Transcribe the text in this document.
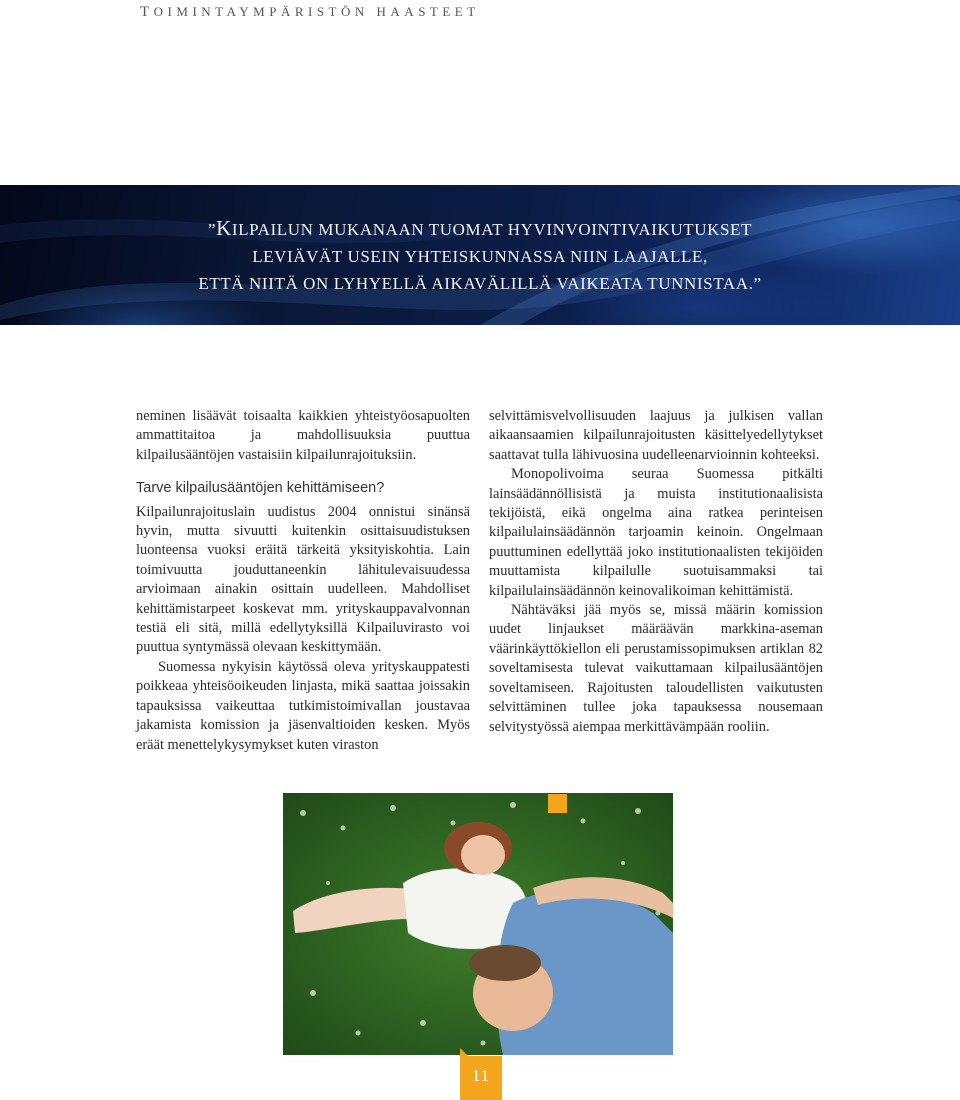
TOIMINTAYMPÄRISTÖN HAASTEET
”KILPAILUN MUKANAAN TUOMAT HYVINVOINTIVAIKUTUKSET
LEVIÄVÄT USEIN YHTEISKUNNASSA NIIN LAAJALLE,
ETTÄ NIITÄ ON LYHYELLÄ AIKAVÄLILLÄ VAIKEATA TUNNISTAA.”

neminen lisäävät toisaalta kaikkien yhteistyöosapuolten ammattitaitoa ja mahdollisuuksia puuttua kilpailusääntöjen vastaisiin kilpailunrajoituksiin.

Tarve kilpailusääntöjen kehittämiseen?

Kilpailunrajoituslain uudistus 2004 onnistui sinänsä hyvin, mutta sivuutti kuitenkin osittaisuudistuksen luonteensa vuoksi eräitä tärkeitä yksityiskohtia. Lain toimivuutta jouduttaneenkin lähitulevaisuudessa arvioimaan ainakin osittain uudelleen. Mahdolliset kehittämistarpeet koskevat mm. yrityskauppavalvonnan testiä eli sitä, millä edellytyksillä Kilpailuvirasto voi puuttua syntymässä olevaan keskittymään.

Suomessa nykyisin käytössä oleva yrityskauppatesti poikkeaa yhteisöoikeuden linjasta, mikä saattaa joissakin tapauksissa vaikeuttaa tutkimistoimivallan joustavaa jakamista komission ja jäsenvaltioiden kesken. Myös eräät menettelykysymykset kuten viraston

selvittämisvelvollisuuden laajuus ja julkisen vallan aikaansaamien kilpailunrajoitusten käsittelyedellytykset saattavat tulla lähivuosina uudelleenarvioinnin kohteeksi.

Monopolivoima seuraa Suomessa pitkälti lainsäädännöllisistä ja muista institutionaalisista tekijöistä, eikä ongelma aina ratkea perinteisen kilpailulainsäädännön tarjoamin keinoin. Ongelmaan puuttuminen edellyttää joko institutionaalisten tekijöiden muuttamista kilpailulle suotuisammaksi tai kilpailulainsäädännön keinovalikoiman kehittämistä.

Nähtäväksi jää myös se, missä määrin komission uudet linjaukset määräävän markkina-aseman väärinkäyttökiellon eli perustamissopimuksen artiklan 82 soveltamisesta tulevat vaikuttamaan kilpailusääntöjen soveltamiseen. Rajoitusten taloudellisten vaikutusten selvittäminen tullee joka tapauksessa nousemaan selvitystyössä aiempaa merkittävämpään rooliin.

11
